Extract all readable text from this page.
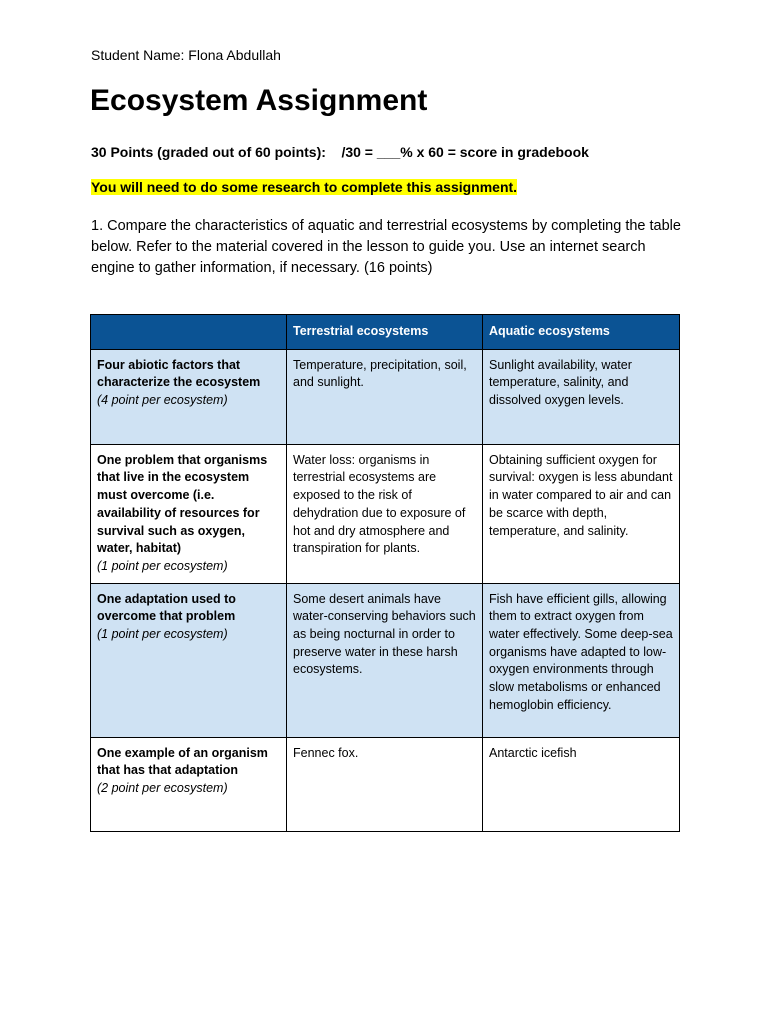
Student Name: Flona Abdullah
Ecosystem Assignment
30 Points (graded out of 60 points):    /30 = ___% x 60 = score in gradebook
You will need to do some research to complete this assignment.

1. Compare the characteristics of aquatic and terrestrial ecosystems by completing the table below. Refer to the material covered in the lesson to guide you. Use an internet search engine to gather information, if necessary. (16 points)

	Terrestrial ecosystems	Aquatic ecosystems

Four abiotic factors that characterize the ecosystem
(4 point per ecosystem)	Temperature, precipitation, soil, and sunlight.	Sunlight availability, water temperature, salinity, and dissolved oxygen levels.

One problem that organisms that live in the ecosystem must overcome (i.e. availability of resources for survival such as oxygen, water, habitat)
(1 point per ecosystem)	Water loss: organisms in terrestrial ecosystems are exposed to the risk of dehydration due to exposure of hot and dry atmosphere and transpiration for plants.	Obtaining sufficient oxygen for survival: oxygen is less abundant in water compared to air and can be scarce with depth, temperature, and salinity.

One adaptation used to overcome that problem
(1 point per ecosystem)	Some desert animals have water-conserving behaviors such as being nocturnal in order to preserve water in these harsh ecosystems.	Fish have efficient gills, allowing them to extract oxygen from water effectively. Some deep-sea organisms have adapted to low-oxygen environments through slow metabolisms or enhanced hemoglobin efficiency.

One example of an organism that has that adaptation
(2 point per ecosystem)	Fennec fox.	Antarctic icefish
